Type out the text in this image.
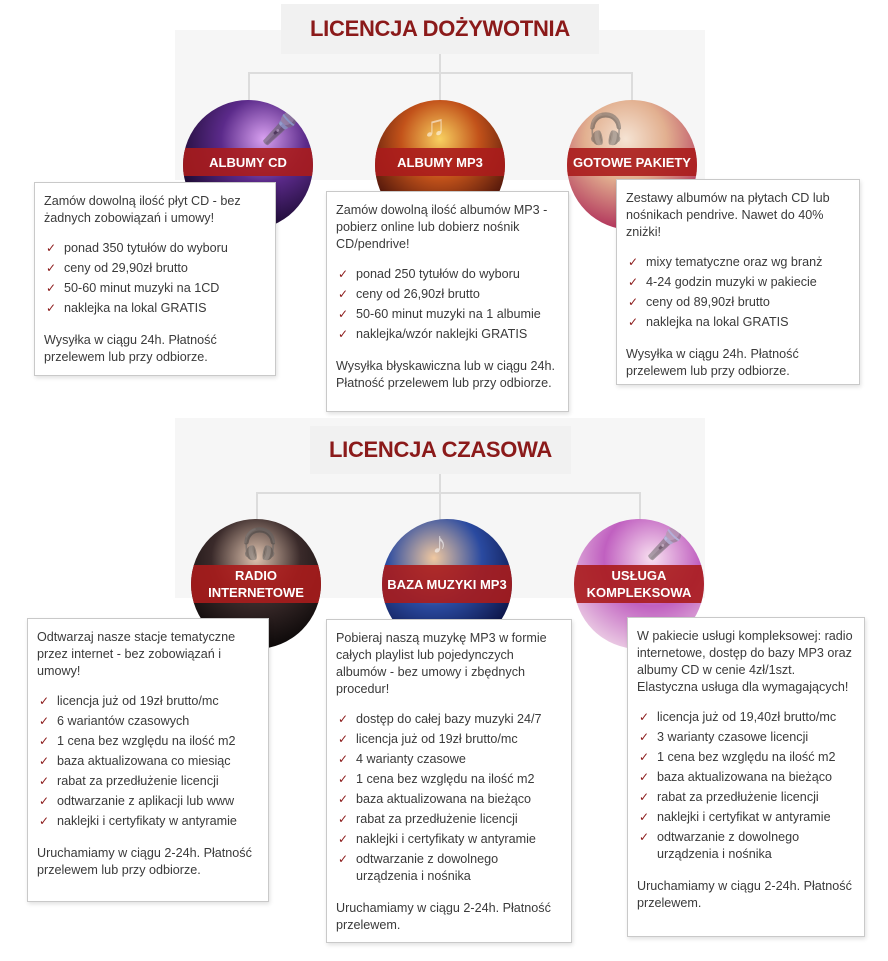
LICENCJA DOŻYWOTNIA
🎤
ALBUMY CD
♫
ALBUMY MP3
🎧
GOTOWE PAKIETY

Zamów dowolną ilość płyt CD - bez żadnych zobowiązań i umowy!

✓ ponad 350 tytułów do wyboru
✓ ceny od 29,90zł brutto
✓ 50-60 minut muzyki na 1CD
✓ naklejka na lokal GRATIS

Wysyłka w ciągu 24h. Płatność przelewem lub przy odbiorze.

Zamów dowolną ilość albumów MP3 - pobierz online lub dobierz nośnik CD/pendrive!

✓ ponad 250 tytułów do wyboru
✓ ceny od 26,90zł brutto
✓ 50-60 minut muzyki na 1 albumie
✓ naklejka/wzór naklejki GRATIS

Wysyłka błyskawiczna lub w ciągu 24h. Płatność przelewem lub przy odbiorze.

Zestawy albumów na płytach CD lub nośnikach pendrive. Nawet do 40% zniżki!

✓ mixy tematyczne oraz wg branż
✓ 4-24 godzin muzyki w pakiecie
✓ ceny od 89,90zł brutto
✓ naklejka na lokal GRATIS

Wysyłka w ciągu 24h. Płatność przelewem lub przy odbiorze.

LICENCJA CZASOWA
🎧
RADIO INTERNETOWE
♪
BAZA MUZYKI MP3
🎤
USŁUGA KOMPLEKSOWA

Odtwarzaj nasze stacje tematyczne przez internet - bez zobowiązań i umowy!

✓ licencja już od 19zł brutto/mc
✓ 6 wariantów czasowych
✓ 1 cena bez względu na ilość m2
✓ baza aktualizowana co miesiąc
✓ rabat za przedłużenie licencji
✓ odtwarzanie z aplikacji lub www
✓ naklejki i certyfikaty w antyramie

Uruchamiamy w ciągu 2-24h. Płatność przelewem lub przy odbiorze.

Pobieraj naszą muzykę MP3 w formie całych playlist lub pojedynczych albumów - bez umowy i zbędnych procedur!

✓ dostęp do całej bazy muzyki 24/7
✓ licencja już od 19zł brutto/mc
✓ 4 warianty czasowe
✓ 1 cena bez względu na ilość m2
✓ baza aktualizowana na bieżąco
✓ rabat za przedłużenie licencji
✓ naklejki i certyfikaty w antyramie
✓ odtwarzanie z dowolnego urządzenia i nośnika

Uruchamiamy w ciągu 2-24h. Płatność przelewem.

W pakiecie usługi kompleksowej: radio internetowe, dostęp do bazy MP3 oraz albumy CD w cenie 4zł/1szt. Elastyczna usługa dla wymagających!

✓ licencja już od 19,40zł brutto/mc
✓ 3 warianty czasowe licencji
✓ 1 cena bez względu na ilość m2
✓ baza aktualizowana na bieżąco
✓ rabat za przedłużenie licencji
✓ naklejki i certyfikat w antyramie
✓ odtwarzanie z dowolnego urządzenia i nośnika

Uruchamiamy w ciągu 2-24h. Płatność przelewem.
